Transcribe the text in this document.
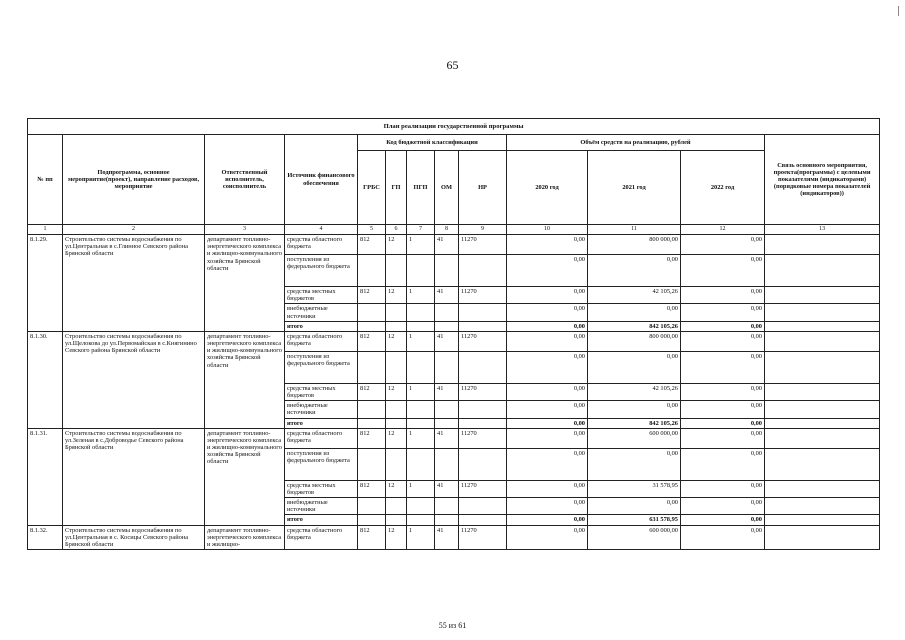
65
План реализации государственной программы												
№ пп	Подпрограмма, основное мероприятие(проект), направление расходов, мероприятие	Ответственный исполнитель, соисполнитель	Источник финансового обеспечения	Код бюджетной классификации					Объём средств на реализацию, рублей			Связь основного мероприятия, проекта(программы) с целевыми показателями (индикаторами) (порядковые номера показателей (индикаторов))
				ГРБС	ГП	ПГП	ОМ	НР	2020 год	2021 год	2022 год	
1	2	3	4	5	6	7	8	9	10	11	12	13
8.1.29.	Строительство системы водоснабжения по ул.Центральная в с.Глинное Севского района Брянской области	департамент топливно-энергетического комплекса и жилищно-коммунального хозяйства Брянской области	средства областного бюджета	812	12	1	41	11270	0,00	800 000,00	0,00	
			поступления из федерального бюджета						0,00	0,00	0,00	
			средства местных бюджетов	812	12	1	41	11270	0,00	42 105,26	0,00	
			внебюджетные источники						0,00	0,00	0,00	
			итого						0,00	842 105,26	0,00	
8.1.30.	Строительство системы водоснабжения по ул.Щелокова до ул.Первомайская в с.Княгинино Севского района Брянской области	департамент топливно-энергетического комплекса и жилищно-коммунального хозяйства Брянской области	средства областного бюджета	812	12	1	41	11270	0,00	800 000,00	0,00	
			поступления из федерального бюджета						0,00	0,00	0,00	
			средства местных бюджетов	812	12	1	41	11270	0,00	42 105,26	0,00	
			внебюджетные источники						0,00	0,00	0,00	
			итого						0,00	842 105,26	0,00	
8.1.31.	Строительство системы водоснабжения по ул.Зеленая в с.Доброводье Севского района Брянской области	департамент топливно-энергетического комплекса и жилищно-коммунального хозяйства Брянской области	средства областного бюджета	812	12	1	41	11270	0,00	600 000,00	0,00	
			поступления из федерального бюджета						0,00	0,00	0,00	
			средства местных бюджетов	812	12	1	41	11270	0,00	31 578,95	0,00	
			внебюджетные источники						0,00	0,00	0,00	
			итого						0,00	631 578,95	0,00	
8.1.32.	Строительство системы водоснабжения по ул.Центральная в с. Косицы Севского района Брянской области	департамент топливно-энергетического комплекса и жилищно-	средства областного бюджета	812	12	1	41	11270	0,00	600 000,00	0,00	
55 из 61
